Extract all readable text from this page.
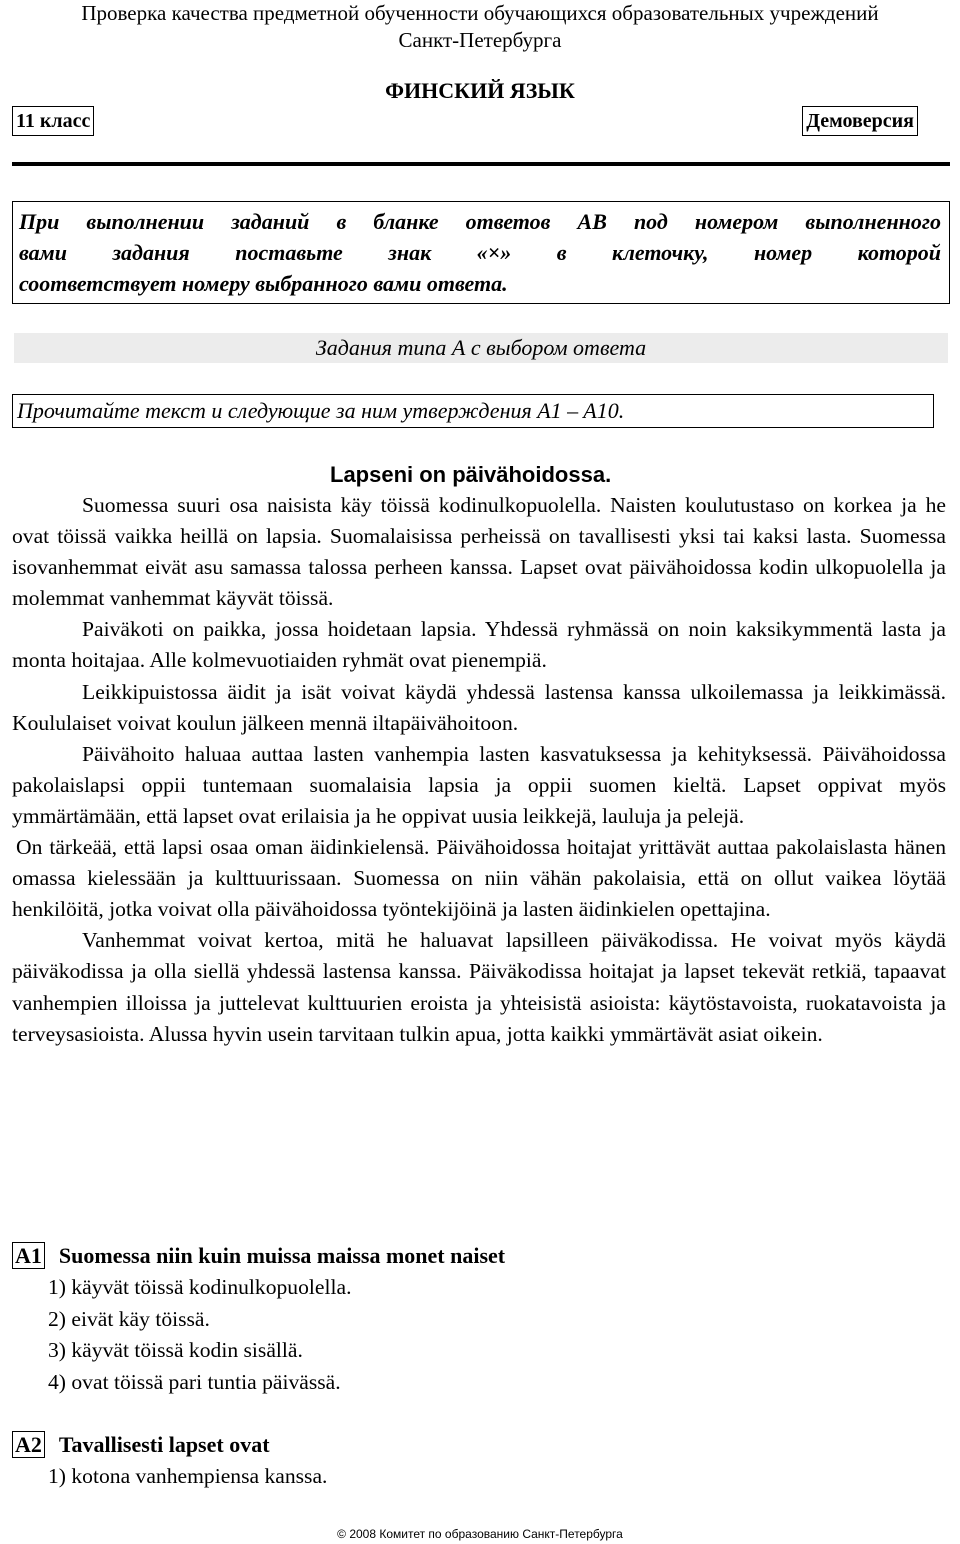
Проверка качества предметной обученности обучающихся образовательных учреждений
Санкт-Петербурга
ФИНСКИЙ ЯЗЫК
11 класс	Демоверсия
При выполнении заданий в бланке ответов АВ под номером выполненного
вами задания поставьте знак «×» в клеточку, номер которой
соответствует номеру выбранного вами ответа.
Задания типа А с выбором ответа
Прочитайте текст и следующие за ним утверждения A1 – A10.
Lapseni on päivähoidossa.

Suomessa suuri osa naisista käy töissä kodinulkopuolella. Naisten koulutustaso on korkea ja he ovat töissä vaikka heillä on lapsia. Suomalaisissa perheissä on tavallisesti yksi tai kaksi lasta. Suomessa isovanhemmat eivät asu samassa talossa perheen kanssa. Lapset ovat päivähoidossa kodin ulkopuolella ja molemmat vanhemmat käyvät töissä.

Paiväkoti on paikka, jossa hoidetaan lapsia. Yhdessä ryhmässä on noin kaksikymmentä lasta ja monta hoitajaa. Alle kolmevuotiaiden ryhmät ovat pienempiä.

Leikkipuistossa äidit ja isät voivat käydä yhdessä lastensa kanssa ulkoilemassa ja leikkimässä. Koululaiset voivat koulun jälkeen mennä iltapäivähoitoon.

Päivähoito haluaa auttaa lasten vanhempia lasten kasvatuksessa ja kehityksessä. Päivähoidossa pakolaislapsi oppii tuntemaan suomalaisia lapsia ja oppii suomen kieltä. Lapset oppivat myös ymmärtämään, että lapset ovat erilaisia ja he oppivat uusia leikkejä, lauluja ja pelejä.

On tärkeää, että lapsi osaa oman äidinkielensä. Päivähoidossa hoitajat yrittävät auttaa pakolaislasta hänen omassa kielessään ja kulttuurissaan. Suomessa on niin vähän pakolaisia, että on ollut vaikea löytää henkilöitä, jotka voivat olla päivähoidossa työntekijöinä ja lasten äidinkielen opettajina.

Vanhemmat voivat kertoa, mitä he haluavat lapsilleen päiväkodissa. He voivat myös käydä päiväkodissa ja olla siellä yhdessä lastensa kanssa. Päiväkodissa hoitajat ja lapset tekevät retkiä, tapaavat vanhempien illoissa ja juttelevat kulttuurien eroista ja yhteisistä asioista: käytöstavoista, ruokatavoista ja terveysasioista. Alussa hyvin usein tarvitaan tulkin apua, jotta kaikki ymmärtävät asiat oikein.

A1 Suomessa niin kuin muissa maissa monet naiset
1) käyvät töissä kodinulkopuolella.
2) eivät käy töissä.
3) käyvät töissä kodin sisällä.
4) ovat töissä pari tuntia päivässä.
A2 Tavallisesti lapset ovat
1) kotona vanhempiensa kanssa.
© 2008 Комитет по образованию Санкт-Петербурга
